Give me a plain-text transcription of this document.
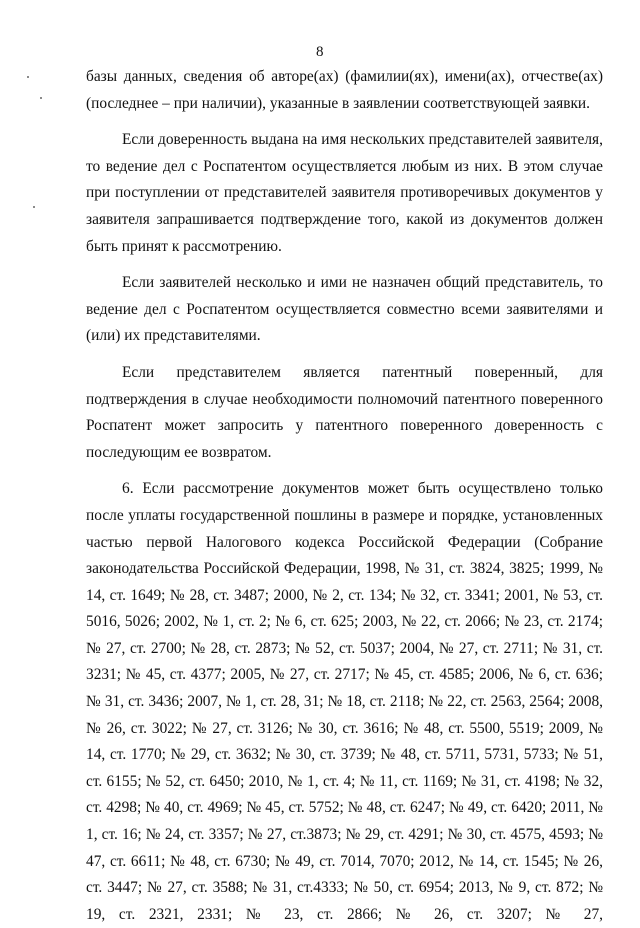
8

базы данных, сведения об авторе(ах) (фамилии(ях), имени(ах), отчестве(ах) (последнее – при наличии), указанные в заявлении соответствующей заявки.

Если доверенность выдана на имя нескольких представителей заявителя, то ведение дел с Роспатентом осуществляется любым из них. В этом случае при поступлении от представителей заявителя противоречивых документов у заявителя запрашивается подтверждение того, какой из документов должен быть принят к рассмотрению.

Если заявителей несколько и ими не назначен общий представитель, то ведение дел с Роспатентом осуществляется совместно всеми заявителями и (или) их представителями.

Если представителем является патентный поверенный, для подтверждения в случае необходимости полномочий патентного поверенного Роспатент может запросить у патентного поверенного доверенность с последующим ее возвратом.

6. Если рассмотрение документов может быть осуществлено только после уплаты государственной пошлины в размере и порядке, установленных частью первой Налогового кодекса Российской Федерации (Собрание законодательства Российской Федерации, 1998, № 31, ст. 3824, 3825; 1999, № 14, ст. 1649; № 28, ст. 3487; 2000, № 2, ст. 134; № 32, ст. 3341; 2001, № 53, ст. 5016, 5026; 2002, № 1, ст. 2; № 6, ст. 625; 2003, № 22, ст. 2066; № 23, ст. 2174; № 27, ст. 2700; № 28, ст. 2873; № 52, ст. 5037; 2004, № 27, ст. 2711; № 31, ст. 3231; № 45, ст. 4377; 2005, № 27, ст. 2717; № 45, ст. 4585; 2006, № 6, ст. 636; № 31, ст. 3436; 2007, № 1, ст. 28, 31; № 18, ст. 2118; № 22, ст. 2563, 2564; 2008, № 26, ст. 3022; № 27, ст. 3126; № 30, ст. 3616; № 48, ст. 5500, 5519; 2009, № 14, ст. 1770; № 29, ст. 3632; № 30, ст. 3739; № 48, ст. 5711, 5731, 5733; № 51, ст. 6155; № 52, ст. 6450; 2010, № 1, ст. 4; № 11, ст. 1169; № 31, ст. 4198; № 32, ст. 4298; № 40, ст. 4969; № 45, ст. 5752; № 48, ст. 6247; № 49, ст. 6420; 2011, № 1, ст. 16; № 24, ст. 3357; № 27, ст.3873; № 29, ст. 4291; № 30, ст. 4575, 4593; № 47, ст. 6611; № 48, ст. 6730; № 49, ст. 7014, 7070; 2012, № 14, ст. 1545; № 26, ст. 3447; № 27, ст. 3588; № 31, ст.4333; № 50, ст. 6954; 2013, № 9, ст. 872; № 19, ст. 2321, 2331; № 23, ст. 2866; № 26, ст. 3207; № 27,
